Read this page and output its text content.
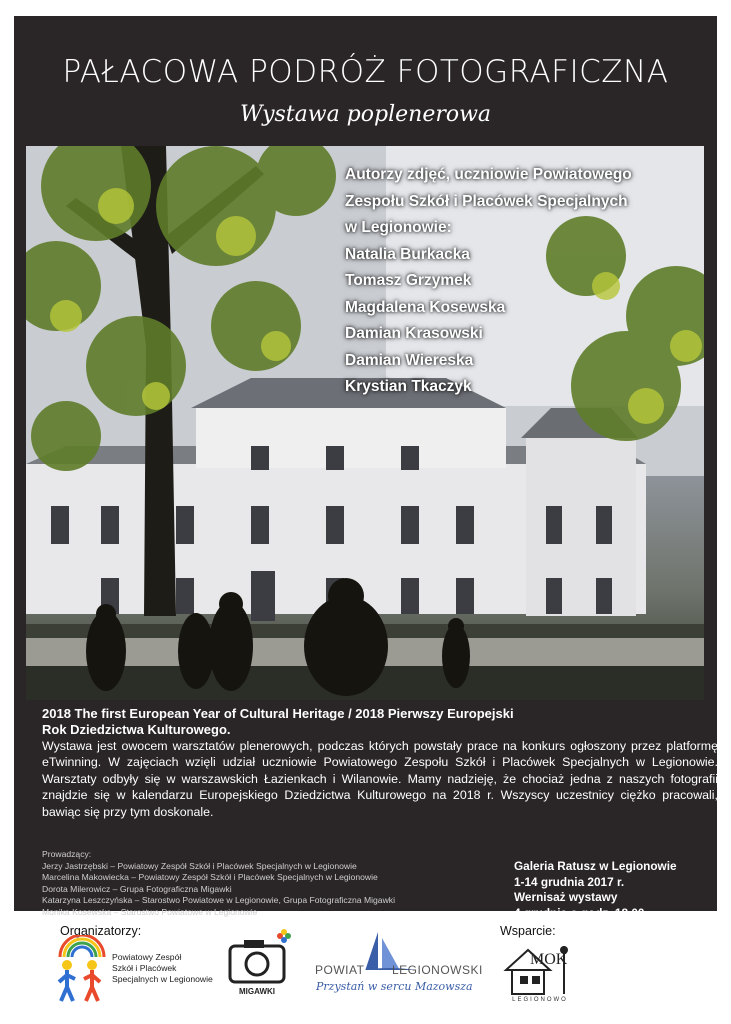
PAŁACOWA PODRÓŻ FOTOGRAFICZNA
Wystawa poplenerowa
Autorzy zdjęć, uczniowie Powiatowego
Zespołu Szkół i Placówek Specjalnych
w Legionowie:
Natalia Burkacka
Tomasz Grzymek
Magdalena Kosewska
Damian Krasowski
Damian Wiereska
Krystian Tkaczyk
2018 The first European Year of Cultural Heritage / 2018 Pierwszy Europejski
Rok Dziedzictwa Kulturowego.
Wystawa jest owocem warsztatów plenerowych, podczas których powstały prace na konkurs ogłoszony przez platformę eTwinning. W zajęciach wzięli udział uczniowie Powiatowego Zespołu Szkół i Placówek Specjalnych w Legionowie. Warsztaty odbyły się w warszawskich Łazienkach i Wilanowie. Mamy nadzieję, że chociaż jedna z naszych fotografii znajdzie się w kalendarzu Europejskiego Dziedzictwa Kulturowego na 2018 r. Wszyscy uczestnicy ciężko pracowali, bawiąc się przy tym doskonale.
Prowadzący:
Jerzy Jastrzębski – Powiatowy Zespół Szkół i Placówek Specjalnych w Legionowie
Marcelina Makowiecka – Powiatowy Zespół Szkół i Placówek Specjalnych w Legionowie
Dorota Milerowicz – Grupa Fotograficzna Migawki
Katarzyna Leszczyńska – Starostwo Powiatowe w Legionowie, Grupa Fotograficzna Migawki
Monika Kosewska – Starostwo Powiatowe w Legionowie
Galeria Ratusz w Legionowie
1-14 grudnia 2017 r.
Wernisaż wystawy
4 grudnia o godz. 18.00
Organizatorzy:	Wsparcie:
Powiatowy Zespół
Szkół i Placówek
Specjalnych w Legionowie
MIGAWKI
POWIAT LEGIONOWSKI
Przystań w sercu Mazowsza
MOK
LEGIONOWO
